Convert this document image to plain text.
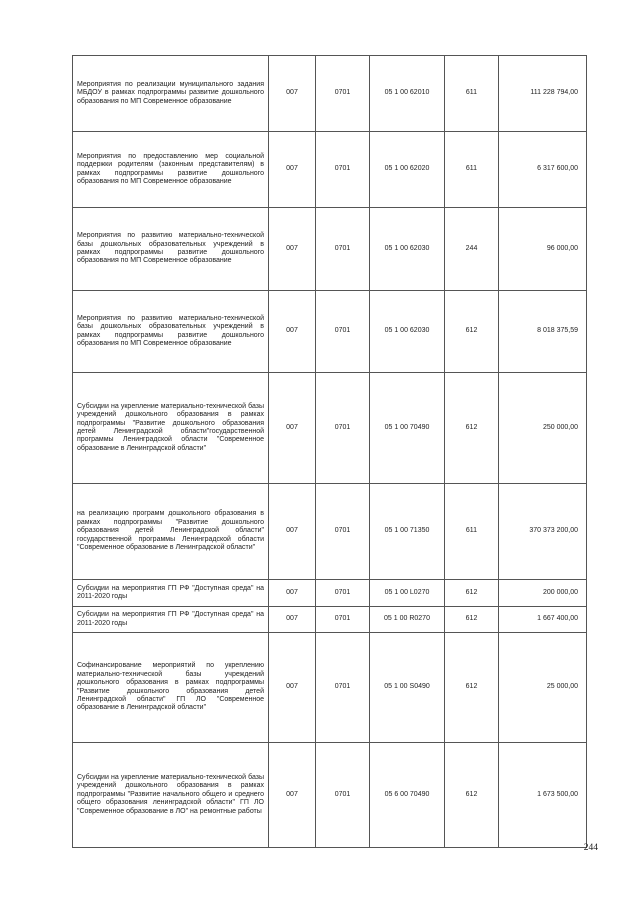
Мероприятия по реализации муниципального задания МБДОУ в рамках подпрограммы развитие дошкольного образования по МП Современное образование	007	0701	05 1 00 62010	611	111 228 794,00
Мероприятия по предоставлению мер социальной поддержки родителям (законным представителям) в рамках подпрограммы развитие дошкольного образования по МП Современное образование	007	0701	05 1 00 62020	611	6 317 600,00
Мероприятия по развитию материально-технической базы дошкольных образовательных учреждений в рамках подпрограммы развитие дошкольного образования по МП Современное образование	007	0701	05 1 00 62030	244	96 000,00
Мероприятия по развитию материально-технической базы дошкольных образовательных учреждений в рамках подпрограммы развитие дошкольного образования по МП Современное образование	007	0701	05 1 00 62030	612	8 018 375,59
Субсидии на укрепление материально-технической базы учреждений дошкольного образования в рамках подпрограммы "Развитие дошкольного образования детей Ленинградской области"государственной программы Ленинградской области "Современное образование в Ленинградской области"	007	0701	05 1 00 70490	612	250 000,00
на реализацию программ дошкольного образования в рамках подпрограммы "Развитие дошкольного образования детей Ленинградской области" государственной программы Ленинградской области "Современное образование в Ленинградской области"	007	0701	05 1 00 71350	611	370 373 200,00
Субсидии на мероприятия ГП РФ "Доступная среда" на 2011-2020 годы	007	0701	05 1 00 L0270	612	200 000,00
Субсидии на мероприятия ГП РФ "Доступная среда" на 2011-2020 годы	007	0701	05 1 00 R0270	612	1 667 400,00
Софинансирование мероприятий по укреплению материально-технической базы учреждений дошкольного образования в рамках подпрограммы "Развитие дошкольного образования детей Ленинградской области" ГП ЛО "Современное образование в Ленинградской области"	007	0701	05 1 00 S0490	612	25 000,00
Субсидии на укрепление материально-технической базы учреждений дошкольного образования в рамках подпрограммы "Развитие начального общего и среднего общего образования ленинградской области" ГП ЛО "Современное образование в ЛО" на ремонтные работы	007	0701	05 6 00 70490	612	1 673 500,00
244
